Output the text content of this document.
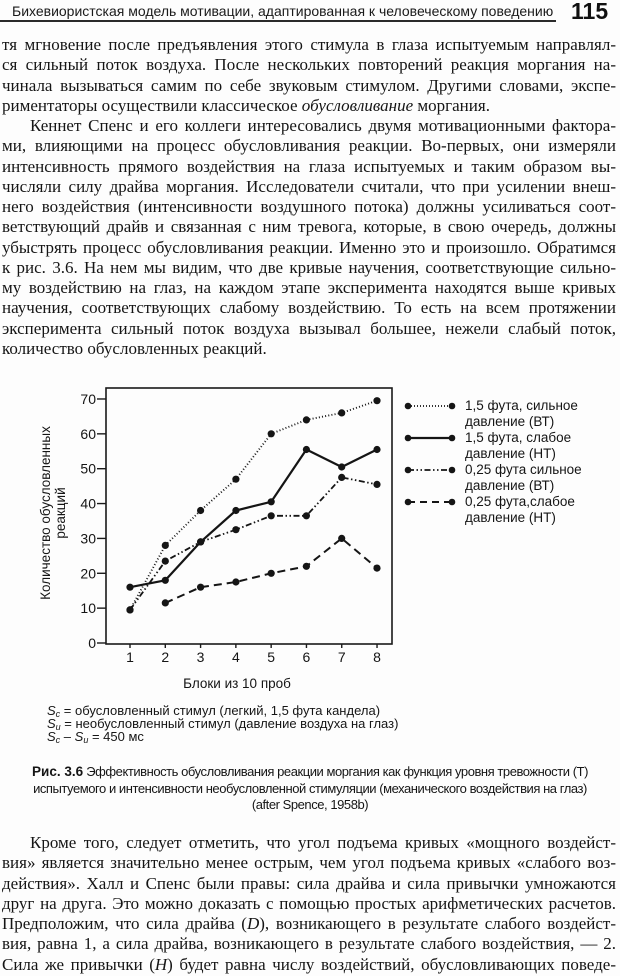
Бихевиористская модель мотивации, адаптированная к человеческому поведению 115
тя мгновение после предъявления этого стимула в глаза испытуемым направлял-
ся сильный поток воздуха. После нескольких повторений реакция моргания на-
чинала вызываться самим по себе звуковым стимулом. Другими словами, экспе-
риментаторы осуществили классическое обусловливание моргания.
Кеннет Спенс и его коллеги интересовались двумя мотивационными фактора-
ми, влияющими на процесс обусловливания реакции. Во-первых, они измеряли
интенсивность прямого воздействия на глаза испытуемых и таким образом вы-
числяли силу драйва моргания. Исследователи считали, что при усилении внеш-
него воздействия (интенсивности воздушного потока) должны усиливаться соот-
ветствующий драйв и связанная с ним тревога, которые, в свою очередь, должны
убыстрять процесс обусловливания реакции. Именно это и произошло. Обратимся
к рис. 3.6. На нем мы видим, что две кривые научения, соответствующие сильно-
му воздействию на глаз, на каждом этапе эксперимента находятся выше кривых
научения, соответствующих слабому воздействию. То есть на всем протяжении
эксперимента сильный поток воздуха вызывал большее, нежели слабый поток,
количество обусловленных реакций.
0
10
20
30
40
50
60
70
1 2 3 4 5 6 7 8
Блоки из 10 проб
Количество обусловленных реакций
1,5 фута, сильное давление (ВТ)
1,5 фута, слабое давление (НТ)
0,25 фута сильное давление (ВТ)
0,25 фута,слабое давление (НТ)
$S_c$ = обусловленный стимул (легкий, 1,5 фута кандела)
$S_u$ = необусловленный стимул (давление воздуха на глаз)
$S_c - S_u = 450$ мс
Рис. 3.6 Эффективность обусловливания реакции моргания как функция уровня тревожности (Т)
испытуемого и интенсивности необусловленной стимуляции (механического воздействия на глаз)
(after Spence, 1958b)
Кроме того, следует отметить, что угол подъема кривых «мощного воздейст-
вия» является значительно менее острым, чем угол подъема кривых «слабого воз-
действия». Халл и Спенс были правы: сила драйва и сила привычки умножаются
друг на друга. Это можно доказать с помощью простых арифметических расчетов.
Предположим, что сила драйва (D), возникающего в результате слабого воздейст-
вия, равна 1, а сила драйва, возникающего в результате слабого воздействия, — 2.
Сила же привычки (H) будет равна числу воздействий, обусловливающих поведе-
